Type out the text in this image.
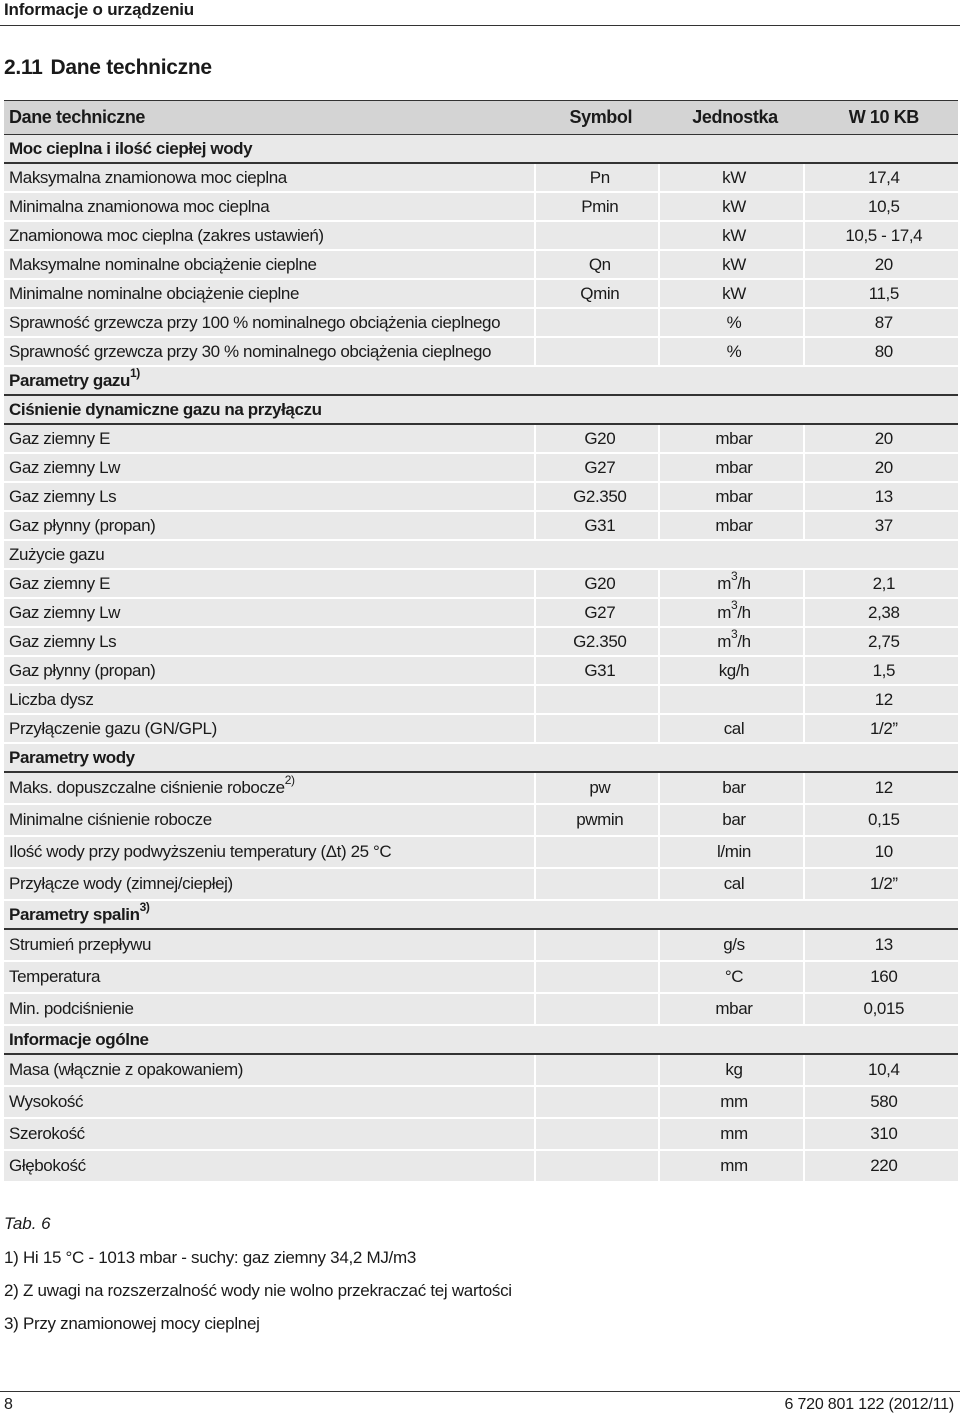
Informacje o urządzeniu
2.11 Dane techniczne
Dane techniczne	Symbol	Jednostka	W 10 KB
Moc cieplna i ilość ciepłej wody			
Maksymalna znamionowa moc cieplna	Pn	kW	17,4
Minimalna znamionowa moc cieplna	Pmin	kW	10,5
Znamionowa moc cieplna (zakres ustawień)		kW	10,5 - 17,4
Maksymalne nominalne obciążenie cieplne	Qn	kW	20
Minimalne nominalne obciążenie cieplne	Qmin	kW	11,5
Sprawność grzewcza przy 100 % nominalnego obciążenia cieplnego		%	87
Sprawność grzewcza przy 30 % nominalnego obciążenia cieplnego		%	80
Parametry gazu$^{1)}$
Ciśnienie dynamiczne gazu na przyłączu			
Gaz ziemny E	G20	mbar	20
Gaz ziemny Lw	G27	mbar	20
Gaz ziemny Ls	G2.350	mbar	13
Gaz płynny (propan)	G31	mbar	37
Zużycie gazu			
Gaz ziemny E	G20	$m^3/h$	2,1
Gaz ziemny Lw	G27	$m^3/h$	2,38
Gaz ziemny Ls	G2.350	$m^3/h$	2,75
Gaz płynny (propan)	G31	kg/h	1,5
Liczba dysz			12
Przyłączenie gazu (GN/GPL)		cal	1/2”
Parametry wody			
Maks. dopuszczalne ciśnienie robocze$^{2)}$	pw	bar	12
Minimalne ciśnienie robocze	pwmin	bar	0,15
Ilość wody przy podwyższeniu temperatury (Δt) 25 °C		l/min	10
Przyłącze wody (zimnej/ciepłej)		cal	1/2”
Parametry spalin$^{3)}$
Strumień przepływu		g/s	13
Temperatura		°C	160
Min. podciśnienie		mbar	0,015
Informacje ogólne			
Masa (włącznie z opakowaniem)		kg	10,4
Wysokość		mm	580
Szerokość		mm	310
Głębokość		mm	220
Tab. 6
1) Hi 15 °C - 1013 mbar - suchy: gaz ziemny 34,2 MJ/m3
2) Z uwagi na rozszerzalność wody nie wolno przekraczać tej wartości
3) Przy znamionowej mocy cieplnej
8	6 720 801 122 (2012/11)
